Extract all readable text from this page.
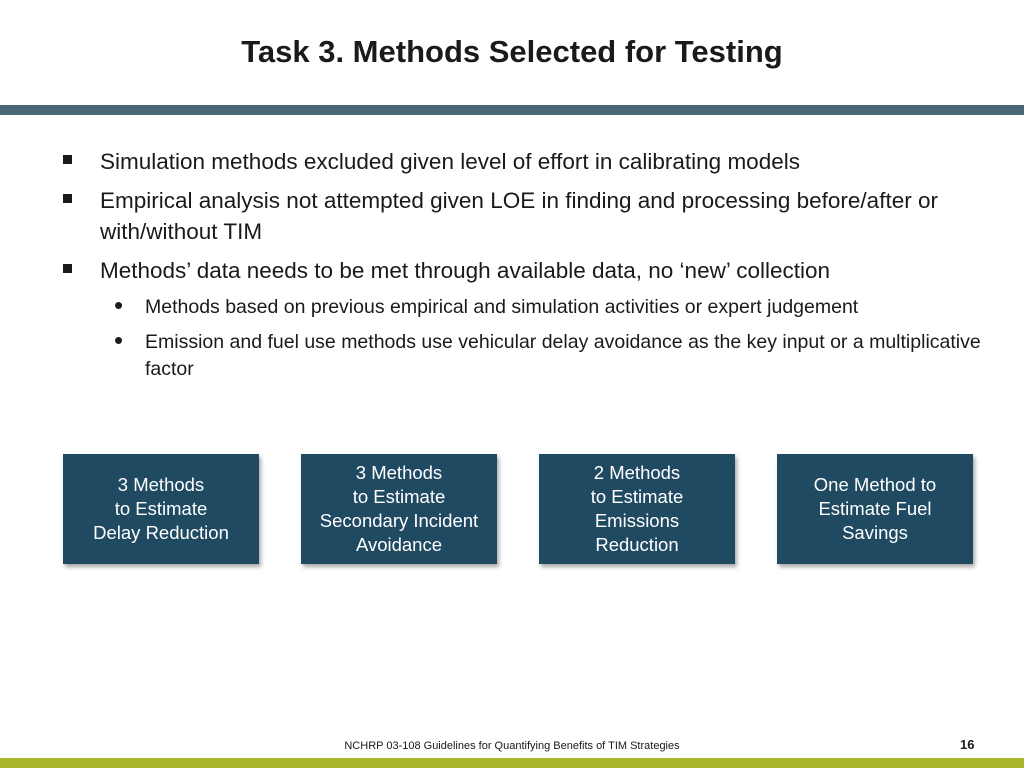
Task 3. Methods Selected for Testing
Simulation methods excluded given level of effort in calibrating models
Empirical analysis not attempted given LOE in finding and processing before/after or with/without TIM
Methods’ data needs to be met through available data, no ‘new’ collection
• Methods based on previous empirical and simulation activities or expert judgement
• Emission and fuel use methods use vehicular delay avoidance as the key input or a multiplicative factor
3 Methods
to Estimate
Delay Reduction
3 Methods
to Estimate
Secondary Incident
Avoidance
2 Methods
to Estimate
Emissions
Reduction
One Method to
Estimate Fuel
Savings
NCHRP 03-108 Guidelines for Quantifying Benefits of TIM Strategies	16
